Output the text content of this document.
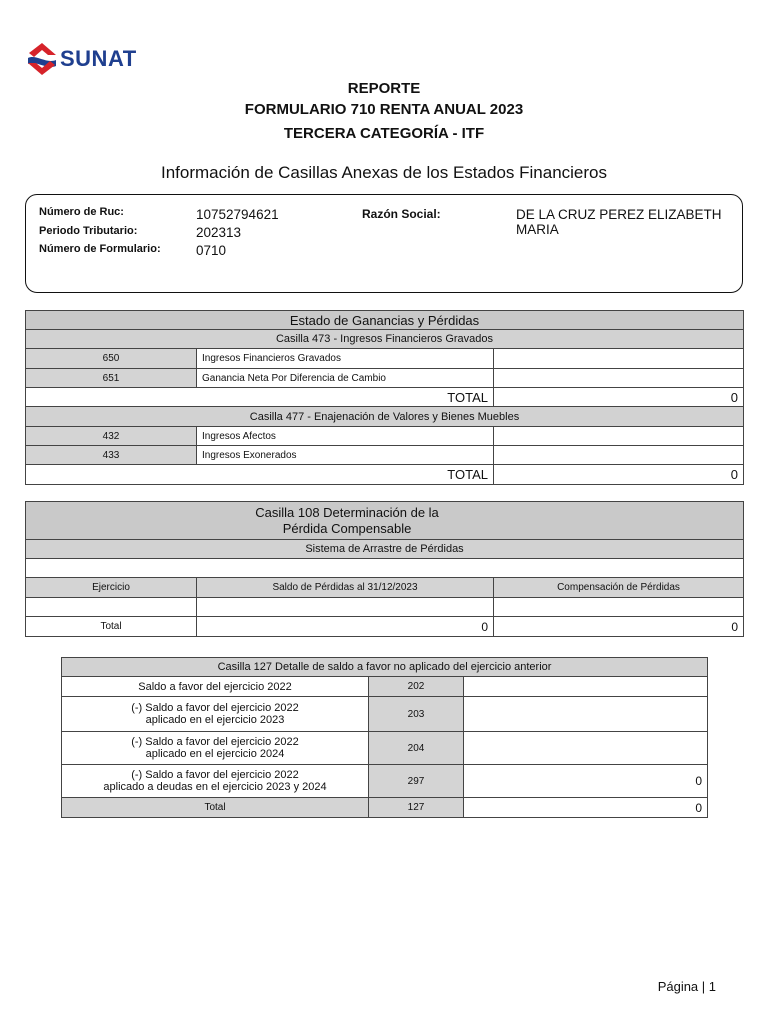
SUNAT
REPORTE
FORMULARIO 710 RENTA ANUAL 2023
TERCERA CATEGORÍA - ITF
Información de Casillas Anexas de los Estados Financieros
Número de Ruc:	10752794621
Periodo Tributario:	202313
Número de Formulario:	0710
Razón Social:	DE LA CRUZ PEREZ ELIZABETH
MARIA
Estado de Ganancias y Pérdidas		
Casilla 473 - Ingresos Financieros Gravados		
650	Ingresos Financieros Gravados	
651	Ganancia Neta Por Diferencia de Cambio	
TOTAL		0
Casilla 477 - Enajenación de Valores y Bienes Muebles		
432	Ingresos Afectos	
433	Ingresos Exonerados	
TOTAL		0
Casilla 108 Determinación de la
Pérdida Compensable		

Sistema de Arrastre de Pérdidas		

Ejercicio	Saldo de Pérdidas al 31/12/2023	Compensación de Pérdidas

Total	0	0
Casilla 127 Detalle de saldo a favor no aplicado del ejercicio anterior		

Saldo a favor del ejercicio 2022	202	

(-) Saldo a favor del ejercicio 2022
aplicado en el ejercicio 2023	203	

(-) Saldo a favor del ejercicio 2022
aplicado en el ejercicio 2024	204	

(-) Saldo a favor del ejercicio 2022
aplicado a deudas en el ejercicio 2023 y 2024	297	0
Total	127	0
Página | 1
